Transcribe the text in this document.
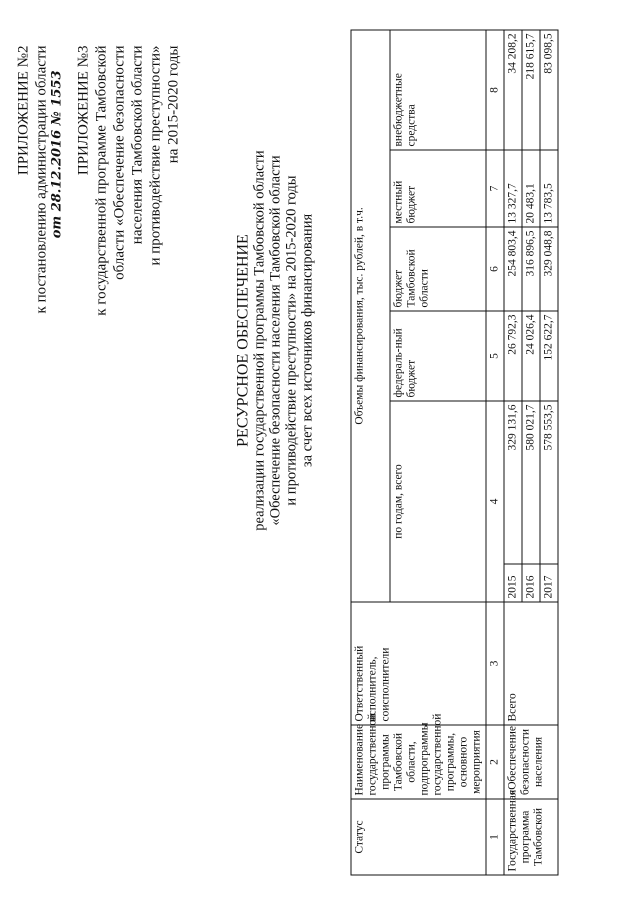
ПРИЛОЖЕНИЕ №2 к постановлению администрации области от 28.12.2016 № 1553 ПРИЛОЖЕНИЕ №3 к государственной программе Тамбовской области «Обеспечение безопасности населения Тамбовской области и противодействие преступности» на 2015-2020 годы
РЕСУРСНОЕ ОБЕСПЕЧЕНИЕ реализации государственной программы Тамбовской области «Обеспечение безопасности населения Тамбовской области и противодействие преступности» на 2015-2020 годы за счет всех источников финансирования
Статус	Наименование государственной программы Тамбовской области, подпрограммы государственной программы, основного мероприятия	Ответственный исполнитель, соисполнители	Объемы финансирования, тыс. рублей, в т.ч.					
			по годам, всего		федераль-ный бюджет	бюджет Тамбовской области	местный бюджет	внебюджетные средства
1	2	3	4		5	6	7	8
Государственная программа Тамбовской	«Обеспечение безопасности населения	Всего	2015	329 131,6	26 792,3	254 803,4	13 327,7	34 208,2
			2016	580 021,7	24 026,4	316 896,5	20 483,1	218 615,7
			2017	578 553,5	152 622,7	329 048,8	13 783,5	83 098,5
